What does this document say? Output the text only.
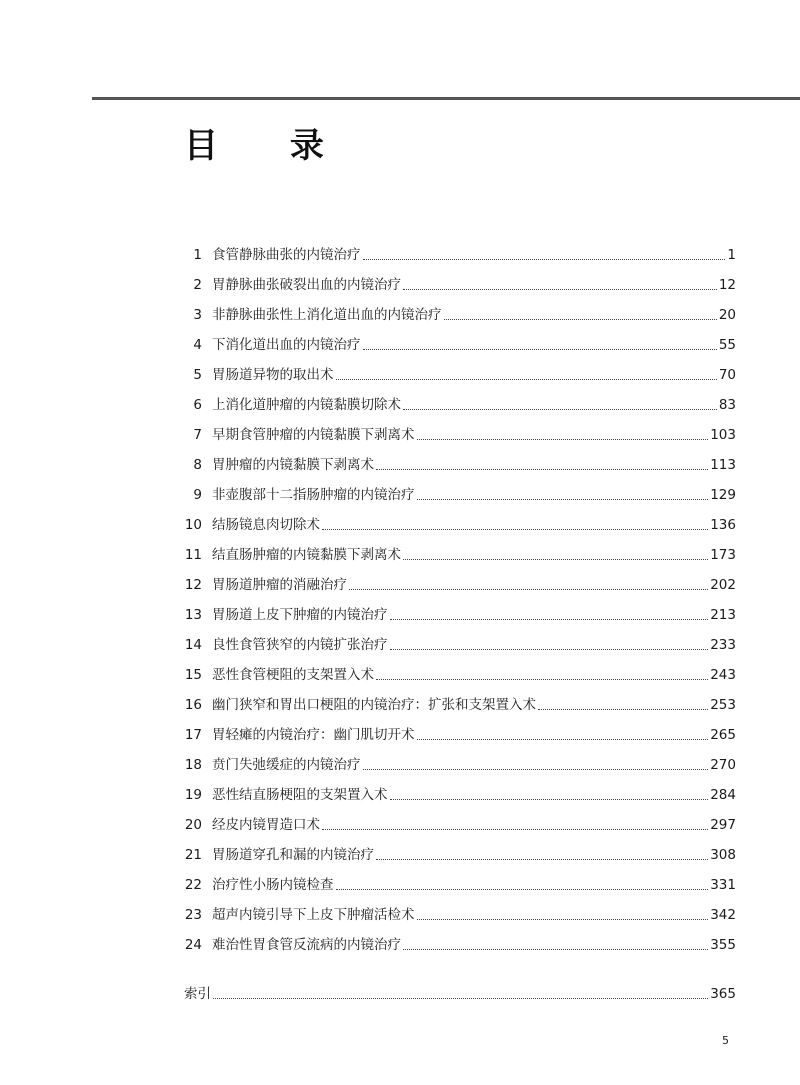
目 录
1 食管静脉曲张的内镜治疗	1
2 胃静脉曲张破裂出血的内镜治疗	12
3 非静脉曲张性上消化道出血的内镜治疗	20
4 下消化道出血的内镜治疗	55
5 胃肠道异物的取出术	70
6 上消化道肿瘤的内镜黏膜切除术	83
7 早期食管肿瘤的内镜黏膜下剥离术	103
8 胃肿瘤的内镜黏膜下剥离术	113
9 非壶腹部十二指肠肿瘤的内镜治疗	129
10 结肠镜息肉切除术	136
11 结直肠肿瘤的内镜黏膜下剥离术	173
12 胃肠道肿瘤的消融治疗	202
13 胃肠道上皮下肿瘤的内镜治疗	213
14 良性食管狭窄的内镜扩张治疗	233
15 恶性食管梗阻的支架置入术	243
16 幽门狭窄和胃出口梗阻的内镜治疗：扩张和支架置入术	253
17 胃轻瘫的内镜治疗：幽门肌切开术	265
18 贲门失弛缓症的内镜治疗	270
19 恶性结直肠梗阻的支架置入术	284
20 经皮内镜胃造口术	297
21 胃肠道穿孔和漏的内镜治疗	308
22 治疗性小肠内镜检查	331
23 超声内镜引导下上皮下肿瘤活检术	342
24 难治性胃食管反流病的内镜治疗	355
索引	365
5
